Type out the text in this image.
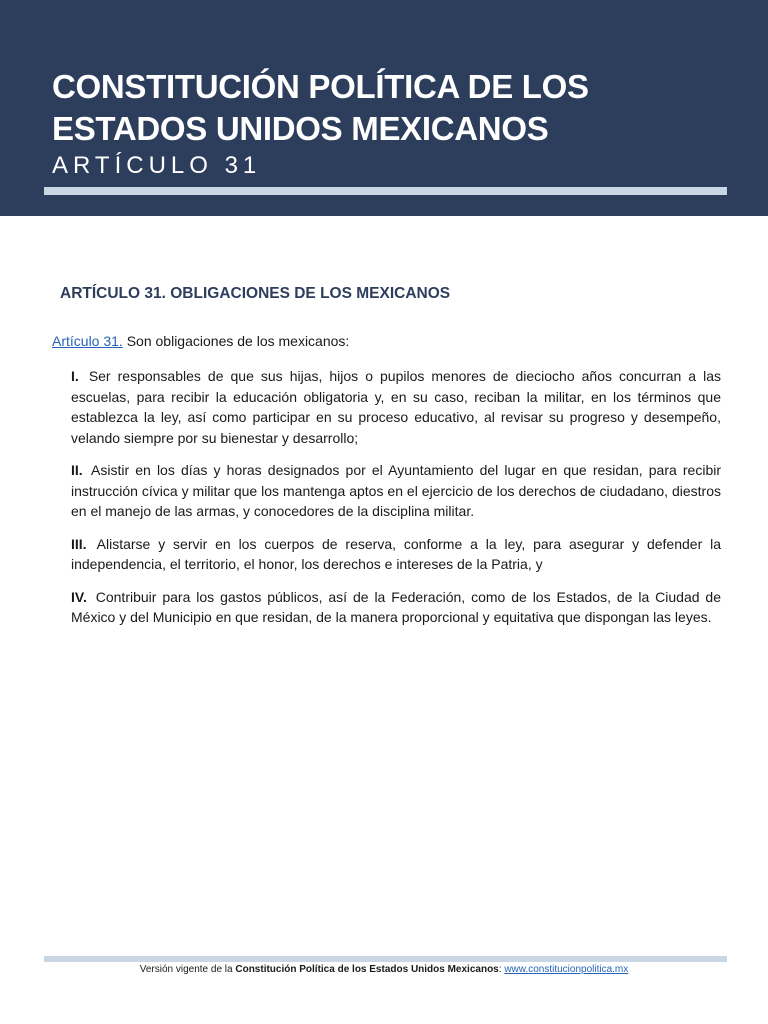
CONSTITUCIÓN POLÍTICA DE LOS
ESTADOS UNIDOS MEXICANOS
ARTÍCULO 31
ARTÍCULO 31. OBLIGACIONES DE LOS MEXICANOS
Artículo 31. Son obligaciones de los mexicanos:

I. Ser responsables de que sus hijas, hijos o pupilos menores de dieciocho años concurran a las escuelas, para recibir la educación obligatoria y, en su caso, reciban la militar, en los términos que establezca la ley, así como participar en su proceso educativo, al revisar su progreso y desempeño, velando siempre por su bienestar y desarrollo;

II. Asistir en los días y horas designados por el Ayuntamiento del lugar en que residan, para recibir instrucción cívica y militar que los mantenga aptos en el ejercicio de los derechos de ciudadano, diestros en el manejo de las armas, y conocedores de la disciplina militar.

III. Alistarse y servir en los cuerpos de reserva, conforme a la ley, para asegurar y defender la independencia, el territorio, el honor, los derechos e intereses de la Patria, y

IV. Contribuir para los gastos públicos, así de la Federación, como de los Estados, de la Ciudad de México y del Municipio en que residan, de la manera proporcional y equitativa que dispongan las leyes.

Versión vigente de la Constitución Política de los Estados Unidos Mexicanos: www.constitucionpolitica.mx
